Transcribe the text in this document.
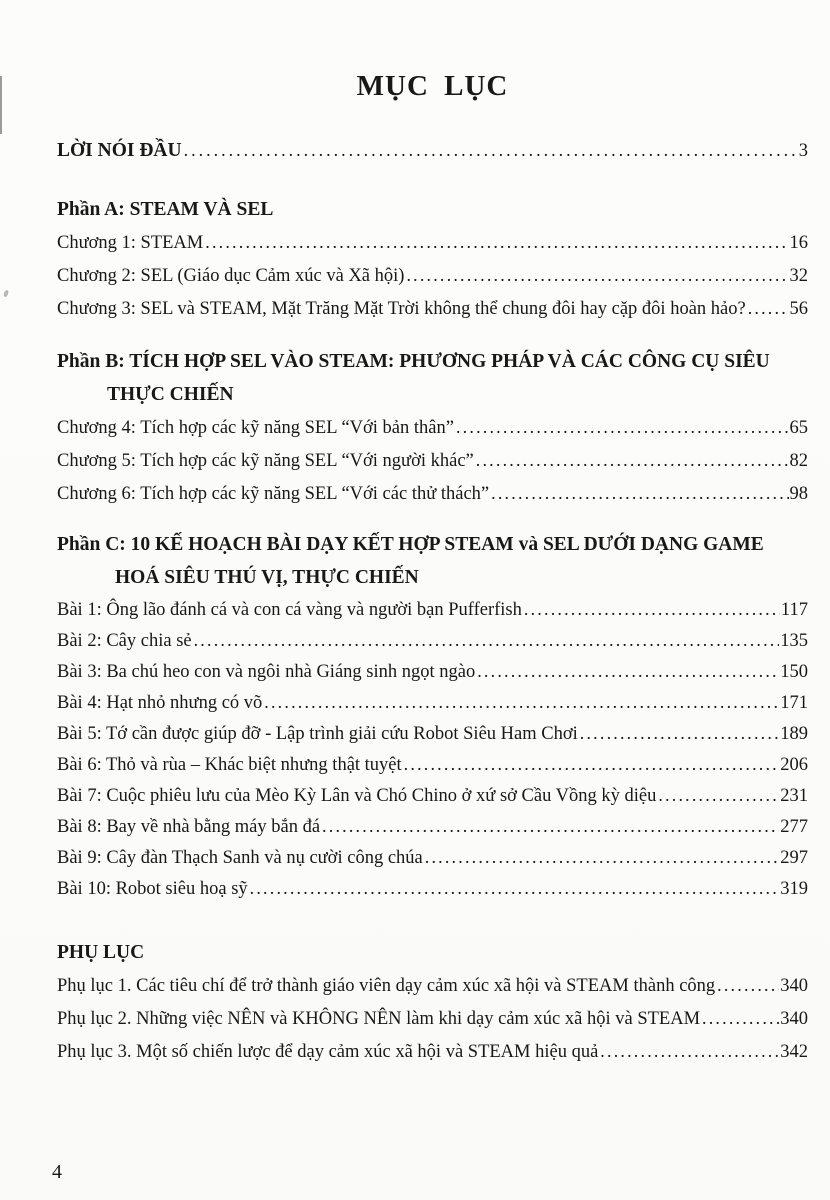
MỤC LỤC
LỜI NÓI ĐẦU .....	3
Phần A: STEAM VÀ SEL
Chương 1: STEAM .....	16
Chương 2: SEL (Giáo dục Cảm xúc và Xã hội) .....	32
Chương 3: SEL và STEAM, Mặt Trăng Mặt Trời không thể chung đôi hay cặp đôi hoàn hảo? ..... 56
Phần B: TÍCH HỢP SEL VÀO STEAM: PHƯƠNG PHÁP VÀ CÁC CÔNG CỤ SIÊU
THỰC CHIẾN
Chương 4: Tích hợp các kỹ năng SEL “Với bản thân” .....	65
Chương 5: Tích hợp các kỹ năng SEL “Với người khác” .....	82
Chương 6: Tích hợp các kỹ năng SEL “Với các thử thách” .....	98
Phần C: 10 KẾ HOẠCH BÀI DẠY KẾT HỢP STEAM và SEL DƯỚI DẠNG GAME
HOÁ SIÊU THÚ VỊ, THỰC CHIẾN
Bài 1: Ông lão đánh cá và con cá vàng và người bạn Pufferfish .....	117
Bài 2: Cây chia sẻ .....	135
Bài 3: Ba chú heo con và ngôi nhà Giáng sinh ngọt ngào .....	150
Bài 4: Hạt nhỏ nhưng có võ .....	171
Bài 5: Tớ cần được giúp đỡ - Lập trình giải cứu Robot Siêu Ham Chơi .....	189
Bài 6: Thỏ và rùa – Khác biệt nhưng thật tuyệt .....	206
Bài 7: Cuộc phiêu lưu của Mèo Kỳ Lân và Chó Chino ở xứ sở Cầu Vồng kỳ diệu .....	231
Bài 8: Bay về nhà bằng máy bắn đá .....	277
Bài 9: Cây đàn Thạch Sanh và nụ cười công chúa .....	297
Bài 10: Robot siêu hoạ sỹ .....	319
PHỤ LỤC
Phụ lục 1. Các tiêu chí để trở thành giáo viên dạy cảm xúc xã hội và STEAM thành công .....	340
Phụ lục 2. Những việc NÊN và KHÔNG NÊN làm khi dạy cảm xúc xã hội và STEAM .....	340
Phụ lục 3. Một số chiến lược để dạy cảm xúc xã hội và STEAM hiệu quả .....	342
4
